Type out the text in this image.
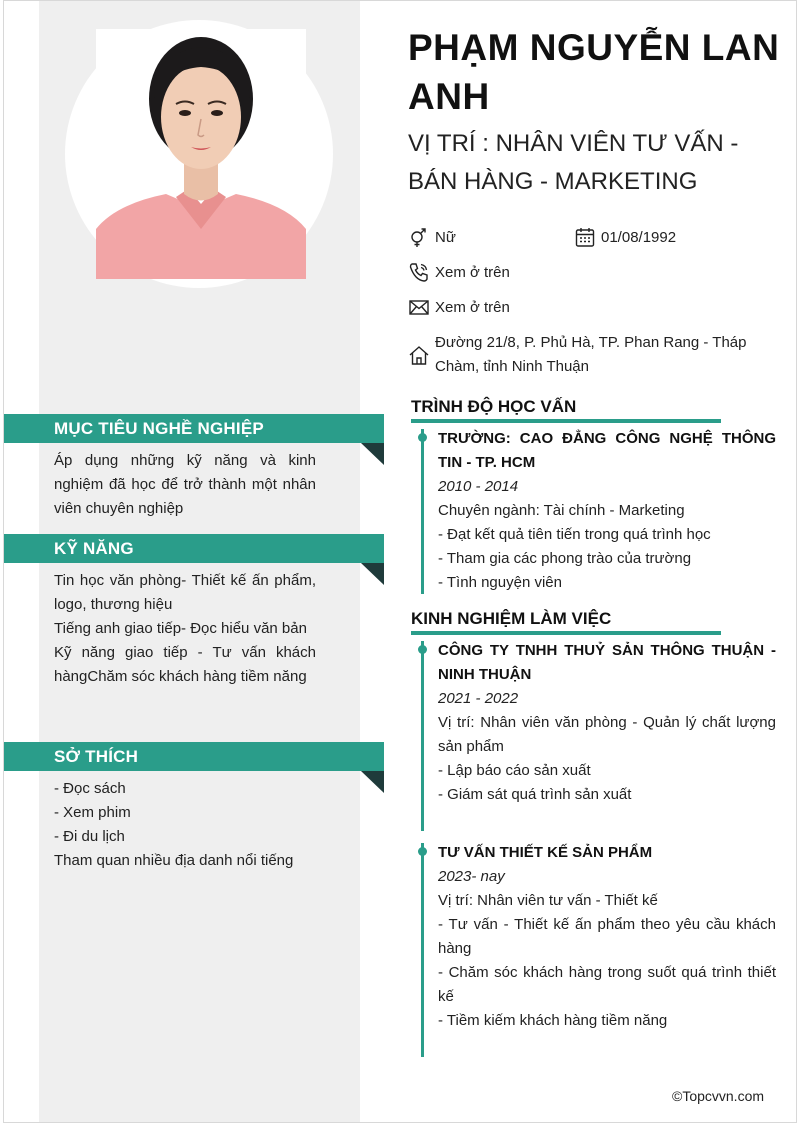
MỤC TIÊU NGHỀ NGHIỆP

Áp dụng những kỹ năng và kinh nghiệm đã học để trở thành một nhân viên chuyên nghiệp

KỸ NĂNG

Tin học văn phòng- Thiết kế ấn phẩm, logo, thương hiệu

Tiếng anh giao tiếp- Đọc hiểu văn bản

Kỹ năng giao tiếp - Tư vấn khách hàngChăm sóc khách hàng tiềm năng

SỞ THÍCH

- Đọc sách

- Xem phim

- Đi du lịch

Tham quan nhiều địa danh nổi tiếng

PHẠM NGUYỄN LAN ANH
VỊ TRÍ : NHÂN VIÊN TƯ VẤN - BÁN HÀNG - MARKETING
Nữ	01/08/1992
Xem ở trên
Xem ở trên
Đường 21/8, P. Phủ Hà, TP. Phan Rang - Tháp Chàm, tỉnh Ninh Thuận
TRÌNH ĐỘ HỌC VẤN

TRƯỜNG: CAO ĐẲNG CÔNG NGHỆ THÔNG TIN - TP. HCM

2010 - 2014

Chuyên ngành: Tài chính - Marketing

- Đạt kết quả tiên tiến trong quá trình học

- Tham gia các phong trào của trường

- Tình nguyện viên

KINH NGHIỆM LÀM VIỆC

CÔNG TY TNHH THUỶ SẢN THÔNG THUẬN - NINH THUẬN

2021 - 2022

Vị trí: Nhân viên văn phòng - Quản lý chất lượng sản phẩm

- Lập báo cáo sản xuất

- Giám sát quá trình sản xuất

TƯ VẤN THIẾT KẾ SẢN PHẨM

2023- nay

Vị trí: Nhân viên tư vấn - Thiết kế

- Tư vấn - Thiết kế ấn phẩm theo yêu cầu khách hàng

- Chăm sóc khách hàng trong suốt quá trình thiết kế

- Tiềm kiếm khách hàng tiềm năng

©Topcvvn.com
